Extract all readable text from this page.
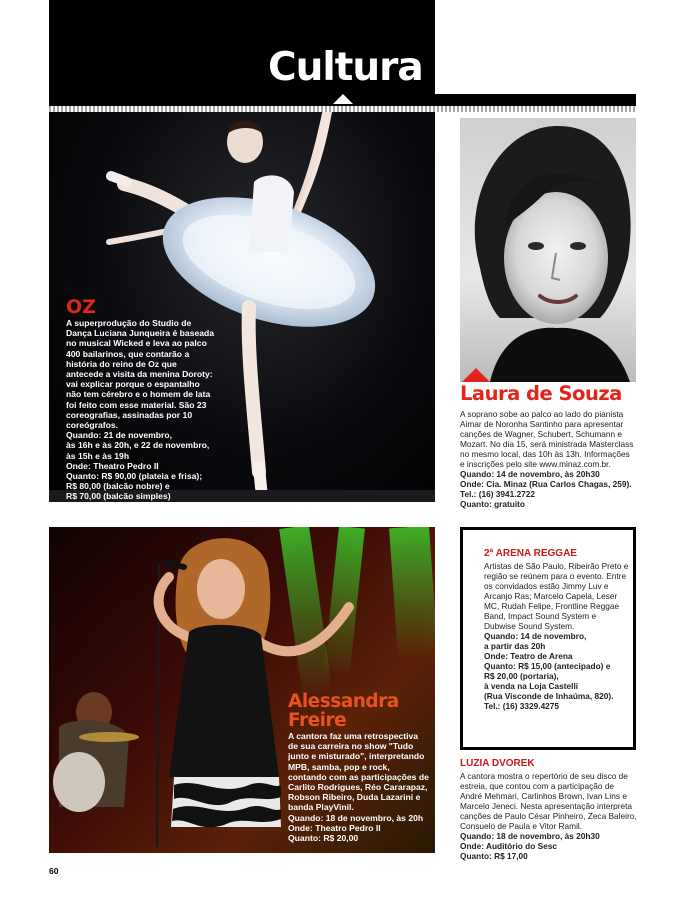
Cultura
OZ
A superprodução do Studio de Dança Luciana Junqueira é baseada no musical Wicked e leva ao palco 400 bailarinos, que contarão a história do reino de Oz que antecede a visita da menina Doroty: vai explicar porque o espantalho não tem cérebro e o homem de lata foi feito com esse material. São 23 coreografias, assinadas por 10 coreógrafos.
Quando: 21 de novembro,
às 16h e às 20h, e 22 de novembro,
às 15h e às 19h
Onde: Theatro Pedro II
Quanto: R$ 90,00 (plateia e frisa);
R$ 80,00 (balcão nobre) e
R$ 70,00 (balcão simples)
Laura de Souza
A soprano sobe ao palco ao lado do pianista Aimar de Noronha Santinho para apresentar canções de Wagner, Schubert, Schumann e Mozart. No dia 15, será ministrada Masterclass no mesmo local, das 10h às 13h. Informações e inscrições pelo site www.minaz.com.br.
Quando: 14 de novembro, às 20h30
Onde: Cia. Minaz (Rua Carlos Chagas, 259).
Tel.: (16) 3941.2722
Quanto: gratuito
Alessandra
Freire
A cantora faz uma retrospectiva de sua carreira no show "Tudo junto e misturado", interpretando MPB, samba, pop e rock, contando com as participações de Carlito Rodrigues, Réo Cararapaz, Robson Ribeiro, Duda Lazarini e banda PlayVinil.
Quando: 18 de novembro, às 20h
Onde: Theatro Pedro II
Quanto: R$ 20,00
2ª ARENA REGGAE
Artistas de São Paulo, Ribeirão Preto e região se reúnem para o evento. Entre os convidados estão Jimmy Luv e Arcanjo Ras; Marcelo Capela, Leser MC, Rudah Felipe, Frontline Reggae Band, Impact Sound System e Dubwise Sound System.
Quando: 14 de novembro,
a partir das 20h
Onde: Teatro de Arena
Quanto: R$ 15,00 (antecipado) e
R$ 20,00 (portaria),
à venda na Loja Castelli
(Rua Visconde de Inhaúma, 820).
Tel.: (16) 3329.4275
LUZIA DVOREK
A cantora mostra o repertório de seu disco de estreia, que contou com a participação de André Mehmari, Carlinhos Brown, Ivan Lins e Marcelo Jeneci. Nesta apresentação interpreta canções de Paulo César Pinheiro, Zeca Baleiro, Consuelo de Paula e Vitor Ramil.
Quando: 18 de novembro, às 20h30
Onde: Auditório do Sesc
Quanto: R$ 17,00
60
